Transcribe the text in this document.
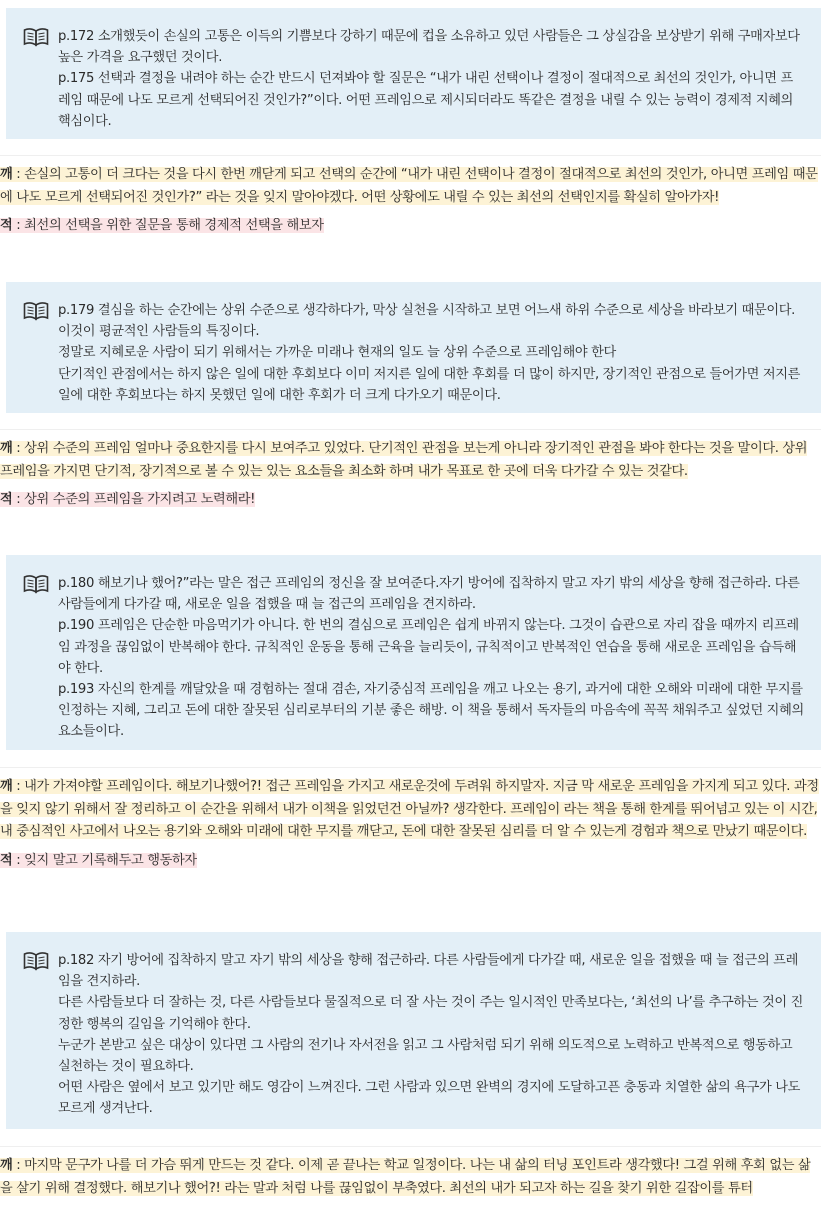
p.172 소개했듯이 손실의 고통은 이득의 기쁨보다 강하기 때문에 컵을 소유하고 있던 사람들은 그 상실감을 보상받기 위해 구매자보다 높은 가격을 요구했던 것이다.
p.175 선택과 결정을 내려야 하는 순간 반드시 던져봐야 할 질문은 “내가 내린 선택이나 결정이 절대적으로 최선의 것인가, 아니면 프레임 때문에 나도 모르게 선택되어진 것인가?”이다. 어떤 프레임으로 제시되더라도 똑같은 결정을 내릴 수 있는 능력이 경제적 지혜의 핵심이다.
깨 : 손실의 고통이 더 크다는 것을 다시 한번 깨닫게 되고 선택의 순간에 “내가 내린 선택이나 결정이 절대적으로 최선의 것인가, 아니면 프레임 때문에 나도 모르게 선택되어진 것인가?” 라는 것을 잊지 말아야겠다. 어떤 상황에도 내릴 수 있는 최선의 선택인지를 확실히 알아가자!
적 : 최선의 선택을 위한 질문을 통해 경제적 선택을 해보자
p.179 결심을 하는 순간에는 상위 수준으로 생각하다가, 막상 실천을 시작하고 보면 어느새 하위 수준으로 세상을 바라보기 때문이다. 이것이 평균적인 사람들의 특징이다.
정말로 지혜로운 사람이 되기 위해서는 가까운 미래나 현재의 일도 늘 상위 수준으로 프레임해야 한다
단기적인 관점에서는 하지 않은 일에 대한 후회보다 이미 저지른 일에 대한 후회를 더 많이 하지만, 장기적인 관점으로 들어가면 저지른 일에 대한 후회보다는 하지 못했던 일에 대한 후회가 더 크게 다가오기 때문이다.
깨 : 상위 수준의 프레임 얼마나 중요한지를 다시 보여주고 있었다. 단기적인 관점을 보는게 아니라 장기적인 관점을 봐야 한다는 것을 말이다. 상위 프레임을 가지면 단기적, 장기적으로 볼 수 있는 있는 요소들을 최소화 하며 내가 목표로 한 곳에 더욱 다가갈 수 있는 것같다.
적 : 상위 수준의 프레임을 가지려고 노력해라!
p.180 해보기나 했어?”라는 말은 접근 프레임의 정신을 잘 보여준다.자기 방어에 집착하지 말고 자기 밖의 세상을 향해 접근하라. 다른 사람들에게 다가갈 때, 새로운 일을 접했을 때 늘 접근의 프레임을 견지하라.
p.190 프레임은 단순한 마음먹기가 아니다. 한 번의 결심으로 프레임은 쉽게 바뀌지 않는다. 그것이 습관으로 자리 잡을 때까지 리프레임 과정을 끊임없이 반복해야 한다. 규칙적인 운동을 통해 근육을 늘리듯이, 규칙적이고 반복적인 연습을 통해 새로운 프레임을 습득해야 한다.
p.193 자신의 한계를 깨달았을 때 경험하는 절대 겸손, 자기중심적 프레임을 깨고 나오는 용기, 과거에 대한 오해와 미래에 대한 무지를 인정하는 지혜, 그리고 돈에 대한 잘못된 심리로부터의 기분 좋은 해방. 이 책을 통해서 독자들의 마음속에 꼭꼭 채워주고 싶었던 지혜의 요소들이다.
깨 : 내가 가져야할 프레임이다. 해보기나했어?! 접근 프레임을 가지고 새로운것에 두려워 하지말자. 지금 막 새로운 프레임을 가지게 되고 있다. 과정을 잊지 않기 위해서 잘 정리하고 이 순간을 위해서 내가 이책을 읽었던건 아닐까? 생각한다. 프레임이 라는 책을 통해 한계를 뛰어넘고 있는 이 시간, 내 중심적인 사고에서 나오는 용기와 오해와 미래에 대한 무지를 깨닫고, 돈에 대한 잘못된 심리를 더 알 수 있는게 경험과 책으로 만났기 때문이다.
적 : 잊지 말고 기록해두고 행동하자
p.182 자기 방어에 집착하지 말고 자기 밖의 세상을 향해 접근하라. 다른 사람들에게 다가갈 때, 새로운 일을 접했을 때 늘 접근의 프레임을 견지하라.
다른 사람들보다 더 잘하는 것, 다른 사람들보다 물질적으로 더 잘 사는 것이 주는 일시적인 만족보다는, ‘최선의 나’를 추구하는 것이 진정한 행복의 길임을 기억해야 한다.
누군가 본받고 싶은 대상이 있다면 그 사람의 전기나 자서전을 읽고 그 사람처럼 되기 위해 의도적으로 노력하고 반복적으로 행동하고 실천하는 것이 필요하다.
어떤 사람은 옆에서 보고 있기만 해도 영감이 느껴진다. 그런 사람과 있으면 완벽의 경지에 도달하고픈 충동과 치열한 삶의 욕구가 나도 모르게 생겨난다.
깨 : 마지막 문구가 나를 더 가슴 뛰게 만드는 것 같다. 이제 곧 끝나는 학교 일정이다. 나는 내 삶의 터닝 포인트라 생각했다! 그걸 위해 후회 없는 삶을 살기 위해 결정했다. 해보기나 했어?! 라는 말과 처럼 나를 끊임없이 부축였다. 최선의 내가 되고자 하는 길을 찾기 위한 길잡이를 튜터
